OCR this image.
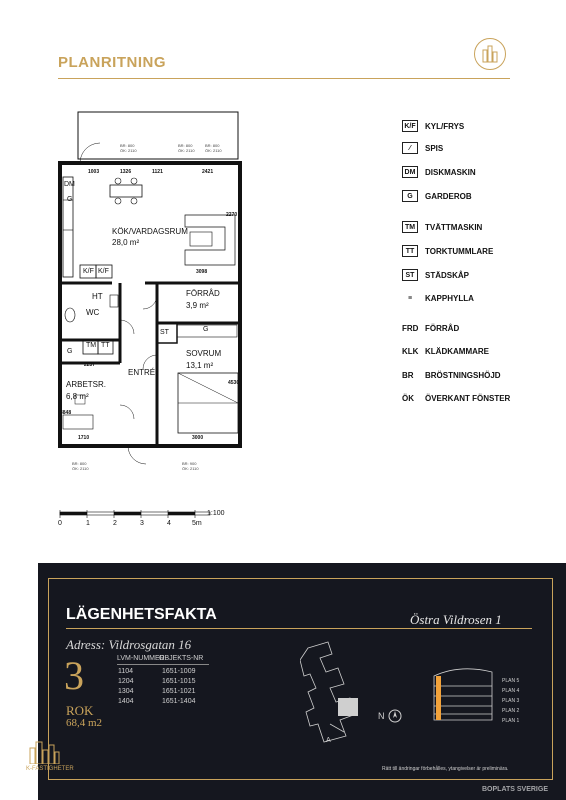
PLANRITNING
KÖK/VARDAGSRUM
28,0 m²
FÖRRÅD
3,9 m²
SOVRUM
13,1 m²
ARBETSR.
6,8 m²
WC
ENTRÉ
HT
DM
K/F K/F
TM TT
ST	G
G
G
1003	1326	1121	2421
2270
3098
2237
3848
1710	3000
4530
BR: 800
ÖK: 2110
BR: 800
ÖK: 2110
BR: 800
ÖK: 2110
BR: 800
ÖK: 2110
BR: 900
ÖK: 2110
1:100
0	1	2	3	4	5m
K/F KYL/FRYS
⁄	SPIS
DM	DISKMASKIN
G	GARDEROB
TM	TVÄTTMASKIN
TT	TORKTUMMLARE
ST	STÄDSKÅP
≡	KAPPHYLLA
FRD FÖRRÅD
KLK KLÄDKAMMARE
BR	BRÖSTNINGSHÖJD
ÖK	ÖVERKANT FÖNSTER
LÄGENHETSFAKTA	Östra Vildrosen 1
Adress: Vildrosgatan 16
3
ROK
68,4 m2
LVM-NUMMER
OBJEKTS-NR
1104	1651-1009
1204	1651-1015
1304	1651-1021
1404	1651-1404
A
N
PLAN 5
PLAN 4
PLAN 3
PLAN 2
PLAN 1
K-FASTIGHETER	Rätt till ändringar förbehålles, ytangivelser är preliminära.
BOPLATS SVERIGE
